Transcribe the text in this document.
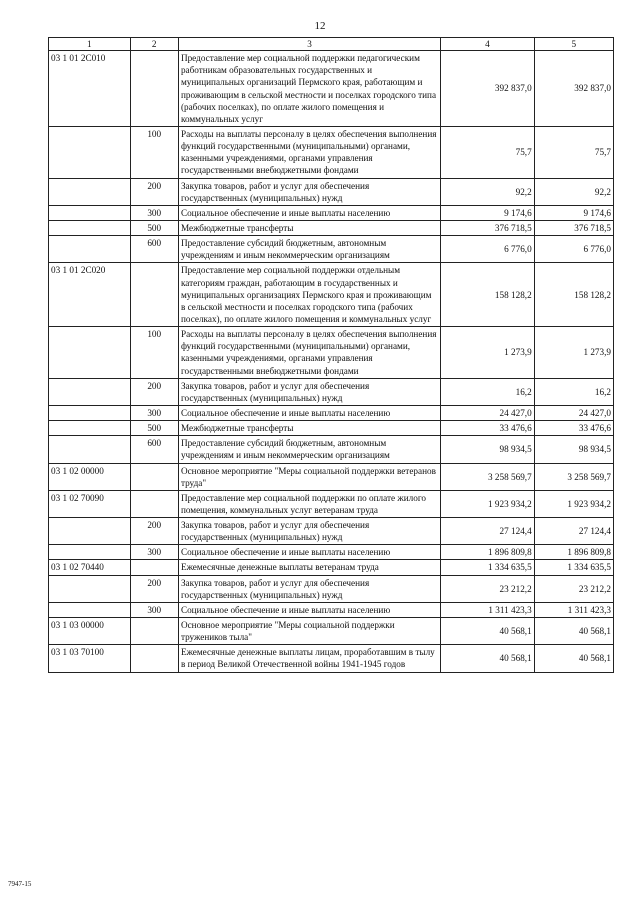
12
1	2	3	4	5
03 1 01 2С010		Предоставление мер социальной поддержки педагогическим работникам образовательных государственных и муниципальных организаций Пермского края, работающим и проживающим в сельской местности и поселках городского типа (рабочих поселках), по оплате жилого помещения и коммунальных услуг	392 837,0	392 837,0
	100	Расходы на выплаты персоналу в целях обеспечения выполнения функций государственными (муниципальными) органами, казенными учреждениями, органами управления государственными внебюджетными фондами	75,7	75,7
	200	Закупка товаров, работ и услуг для обеспечения государственных (муниципальных) нужд	92,2	92,2
	300	Социальное обеспечение и иные выплаты населению	9 174,6	9 174,6
	500	Межбюджетные трансферты	376 718,5	376 718,5
	600	Предоставление субсидий бюджетным, автономным учреждениям и иным некоммерческим организациям	6 776,0	6 776,0
03 1 01 2С020		Предоставление мер социальной поддержки отдельным категориям граждан, работающим в государственных и муниципальных организациях Пермского края и проживающим в сельской местности и поселках городского типа (рабочих поселках), по оплате жилого помещения и коммунальных услуг	158 128,2	158 128,2
	100	Расходы на выплаты персоналу в целях обеспечения выполнения функций государственными (муниципальными) органами, казенными учреждениями, органами управления государственными внебюджетными фондами	1 273,9	1 273,9
	200	Закупка товаров, работ и услуг для обеспечения государственных (муниципальных) нужд	16,2	16,2
	300	Социальное обеспечение и иные выплаты населению	24 427,0	24 427,0
	500	Межбюджетные трансферты	33 476,6	33 476,6
	600	Предоставление субсидий бюджетным, автономным учреждениям и иным некоммерческим организациям	98 934,5	98 934,5
03 1 02 00000		Основное мероприятие "Меры социальной поддержки ветеранов труда"	3 258 569,7	3 258 569,7
03 1 02 70090		Предоставление мер социальной поддержки по оплате жилого помещения, коммунальных услуг ветеранам труда	1 923 934,2	1 923 934,2
	200	Закупка товаров, работ и услуг для обеспечения государственных (муниципальных) нужд	27 124,4	27 124,4
	300	Социальное обеспечение и иные выплаты населению	1 896 809,8	1 896 809,8
03 1 02 70440		Ежемесячные денежные выплаты ветеранам труда	1 334 635,5	1 334 635,5
	200	Закупка товаров, работ и услуг для обеспечения государственных (муниципальных) нужд	23 212,2	23 212,2
	300	Социальное обеспечение и иные выплаты населению	1 311 423,3	1 311 423,3
03 1 03 00000		Основное мероприятие "Меры социальной поддержки тружеников тыла"	40 568,1	40 568,1
03 1 03 70100		Ежемесячные денежные выплаты лицам, проработавшим в тылу в период Великой Отечественной войны 1941-1945 годов	40 568,1	40 568,1
7947-15
